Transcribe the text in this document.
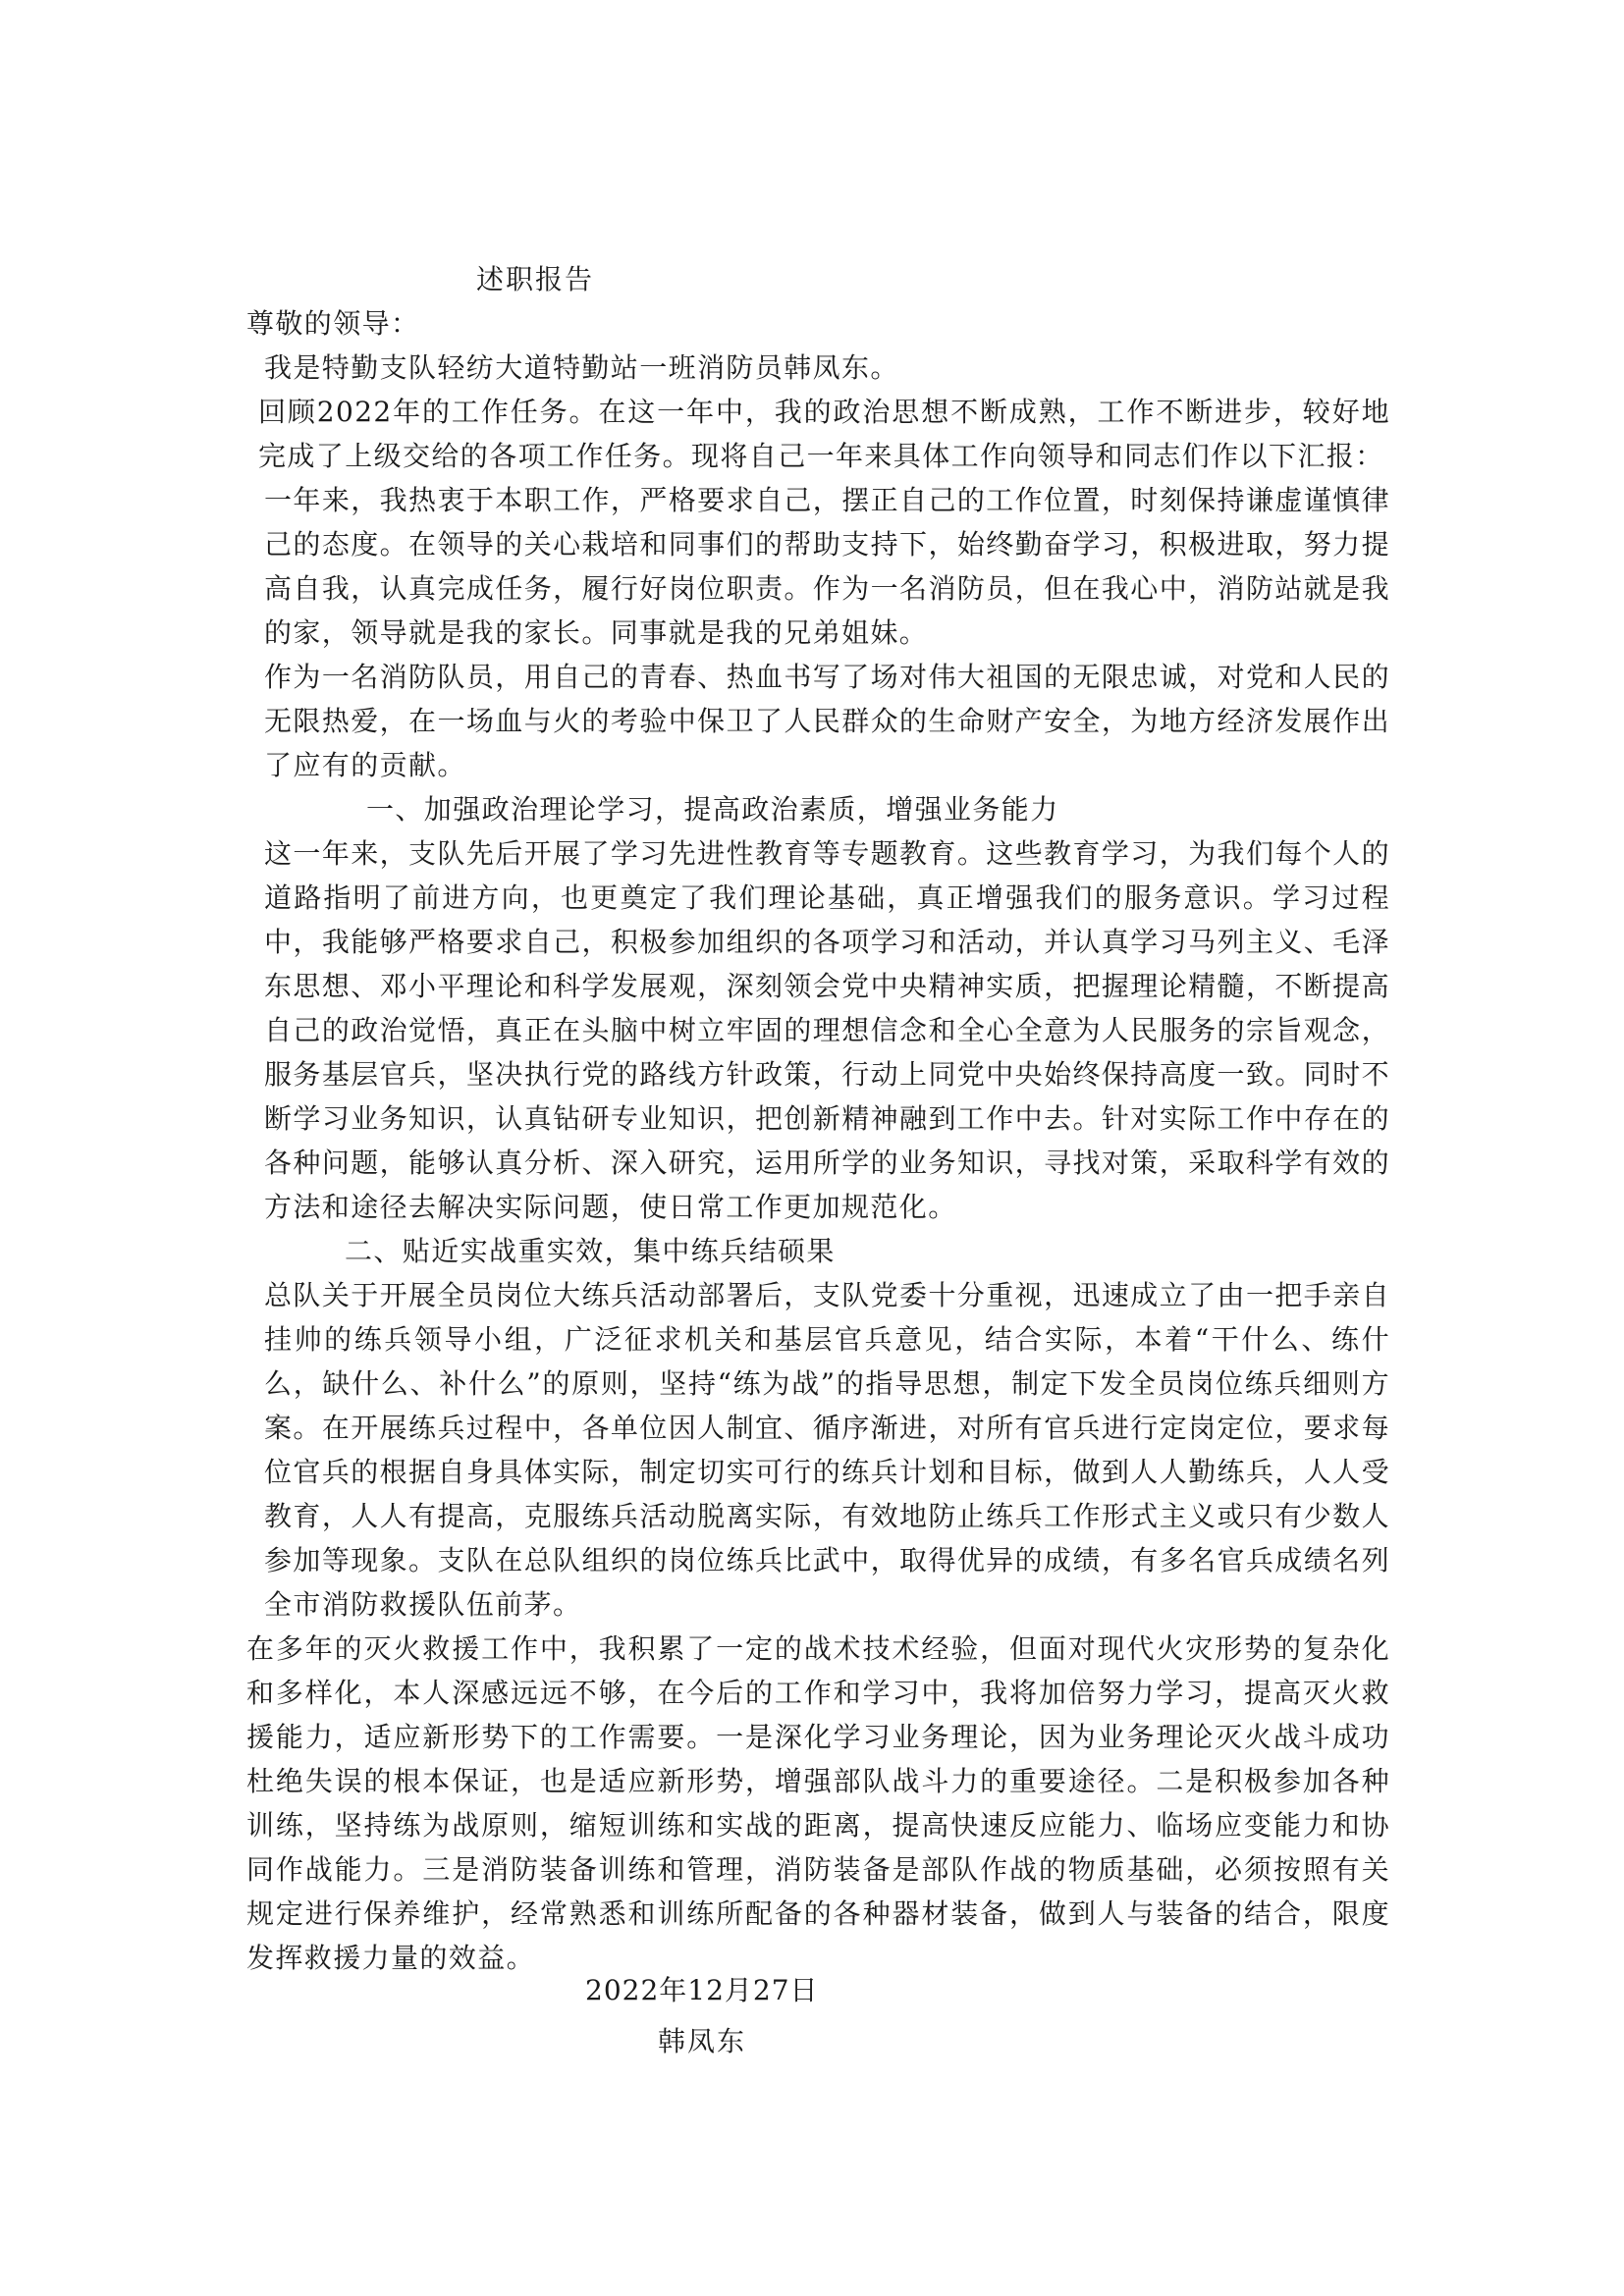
述职报告

尊敬的领导：

我是特勤支队轻纺大道特勤站一班消防员韩凤东。

回顾2022年的工作任务。在这一年中，我的政治思想不断成熟，工作不断进步，较好地完成了上级交给的各项工作任务。现将自己一年来具体工作向领导和同志们作以下汇报：

一年来，我热衷于本职工作，严格要求自己，摆正自己的工作位置，时刻保持谦虚谨慎律己的态度。在领导的关心栽培和同事们的帮助支持下，始终勤奋学习，积极进取，努力提高自我，认真完成任务，履行好岗位职责。作为一名消防员，但在我心中，消防站就是我的家，领导就是我的家长。同事就是我的兄弟姐妹。

作为一名消防队员，用自己的青春、热血书写了场对伟大祖国的无限忠诚，对党和人民的无限热爱，在一场血与火的考验中保卫了人民群众的生命财产安全，为地方经济发展作出了应有的贡献。

一、加强政治理论学习，提高政治素质，增强业务能力

这一年来，支队先后开展了学习先进性教育等专题教育。这些教育学习，为我们每个人的道路指明了前进方向，也更奠定了我们理论基础，真正增强我们的服务意识。学习过程中，我能够严格要求自己，积极参加组织的各项学习和活动，并认真学习马列主义、毛泽东思想、邓小平理论和科学发展观，深刻领会党中央精神实质，把握理论精髓，不断提高自己的政治觉悟，真正在头脑中树立牢固的理想信念和全心全意为人民服务的宗旨观念，服务基层官兵，坚决执行党的路线方针政策，行动上同党中央始终保持高度一致。同时不断学习业务知识，认真钻研专业知识，把创新精神融到工作中去。针对实际工作中存在的各种问题，能够认真分析、深入研究，运用所学的业务知识，寻找对策，采取科学有效的方法和途径去解决实际问题，使日常工作更加规范化。

二、贴近实战重实效，集中练兵结硕果

总队关于开展全员岗位大练兵活动部署后，支队党委十分重视，迅速成立了由一把手亲自挂帅的练兵领导小组，广泛征求机关和基层官兵意见，结合实际，本着“干什么、练什么，缺什么、补什么”的原则，坚持“练为战”的指导思想，制定下发全员岗位练兵细则方案。在开展练兵过程中，各单位因人制宜、循序渐进，对所有官兵进行定岗定位，要求每位官兵的根据自身具体实际，制定切实可行的练兵计划和目标，做到人人勤练兵，人人受教育，人人有提高，克服练兵活动脱离实际，有效地防止练兵工作形式主义或只有少数人参加等现象。支队在总队组织的岗位练兵比武中，取得优异的成绩，有多名官兵成绩名列全市消防救援队伍前茅。

在多年的灭火救援工作中，我积累了一定的战术技术经验，但面对现代火灾形势的复杂化和多样化，本人深感远远不够，在今后的工作和学习中，我将加倍努力学习，提高灭火救援能力，适应新形势下的工作需要。一是深化学习业务理论，因为业务理论灭火战斗成功杜绝失误的根本保证，也是适应新形势，增强部队战斗力的重要途径。二是积极参加各种训练，坚持练为战原则，缩短训练和实战的距离，提高快速反应能力、临场应变能力和协同作战能力。三是消防装备训练和管理，消防装备是部队作战的物质基础，必须按照有关规定进行保养维护，经常熟悉和训练所配备的各种器材装备，做到人与装备的结合，限度发挥救援力量的效益。

2022年12月27日
韩凤东
